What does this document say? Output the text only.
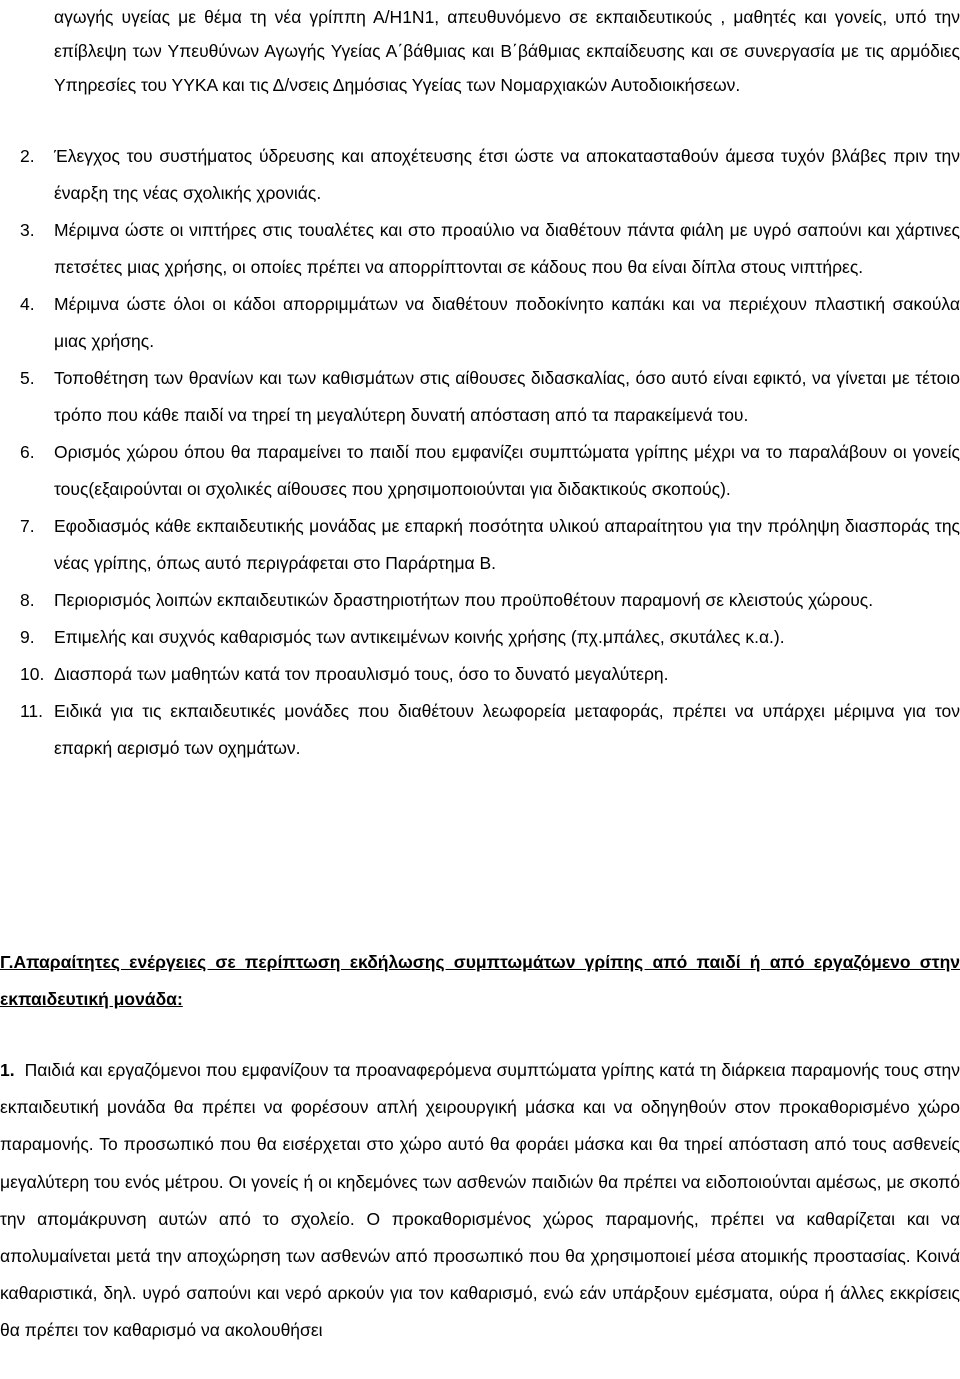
αγωγής υγείας με θέμα τη νέα γρίππη Α/Η1Ν1, απευθυνόμενο σε εκπαιδευτικούς , μαθητές και γονείς, υπό την επίβλεψη των Υπευθύνων Αγωγής Υγείας Α΄βάθμιας και Β΄βάθμιας εκπαίδευσης και σε συνεργασία με τις αρμόδιες Υπηρεσίες του ΥΥΚΑ και τις Δ/νσεις Δημόσιας Υγείας των Νομαρχιακών Αυτοδιοικήσεων.

2. Έλεγχος του συστήματος ύδρευσης και αποχέτευσης έτσι ώστε να αποκατασταθούν άμεσα τυχόν βλάβες πριν την έναρξη της νέας σχολικής χρονιάς.

3. Μέριμνα ώστε οι νιπτήρες στις τουαλέτες και στο προαύλιο να διαθέτουν πάντα φιάλη με υγρό σαπούνι και χάρτινες πετσέτες μιας χρήσης, οι οποίες πρέπει να απορρίπτονται σε κάδους που θα είναι δίπλα στους νιπτήρες.

4. Μέριμνα ώστε όλοι οι κάδοι απορριμμάτων να διαθέτουν ποδοκίνητο καπάκι και να περιέχουν πλαστική σακούλα μιας χρήσης.

5. Τοποθέτηση των θρανίων και των καθισμάτων στις αίθουσες διδασκαλίας, όσο αυτό είναι εφικτό, να γίνεται με τέτοιο τρόπο που κάθε παιδί να τηρεί τη μεγαλύτερη δυνατή απόσταση από τα παρακείμενά του.

6. Ορισμός χώρου όπου θα παραμείνει το παιδί που εμφανίζει συμπτώματα γρίπης μέχρι να το παραλάβουν οι γονείς τους(εξαιρούνται οι σχολικές αίθουσες που χρησιμοποιούνται για διδακτικούς σκοπούς).

7. Εφοδιασμός κάθε εκπαιδευτικής μονάδας με επαρκή ποσότητα υλικού απαραίτητου για την πρόληψη διασποράς της νέας γρίπης, όπως αυτό περιγράφεται στο Παράρτημα Β.

8. Περιορισμός λοιπών εκπαιδευτικών δραστηριοτήτων που προϋποθέτουν παραμονή σε κλειστούς χώρους.

9. Επιμελής και συχνός καθαρισμός των αντικειμένων κοινής χρήσης (πχ.μπάλες, σκυτάλες κ.α.).

10. Διασπορά των μαθητών κατά τον προαυλισμό τους, όσο το δυνατό μεγαλύτερη.

11. Ειδικά για τις εκπαιδευτικές μονάδες που διαθέτουν λεωφορεία μεταφοράς, πρέπει να υπάρχει μέριμνα για τον επαρκή αερισμό των οχημάτων.

Γ.Απαραίτητες ενέργειες σε περίπτωση εκδήλωσης συμπτωμάτων γρίπης από παιδί ή από εργαζόμενο στην εκπαιδευτική μονάδα:

1. Παιδιά και εργαζόμενοι που εμφανίζουν τα προαναφερόμενα συμπτώματα γρίπης κατά τη διάρκεια παραμονής τους στην εκπαιδευτική μονάδα θα πρέπει να φορέσουν απλή χειρουργική μάσκα και να οδηγηθούν στον προκαθορισμένο χώρο παραμονής. Το προσωπικό που θα εισέρχεται στο χώρο αυτό θα φοράει μάσκα και θα τηρεί απόσταση από τους ασθενείς μεγαλύτερη του ενός μέτρου. Οι γονείς ή οι κηδεμόνες των ασθενών παιδιών θα πρέπει να ειδοποιούνται αμέσως, με σκοπό την απομάκρυνση αυτών από το σχολείο. Ο προκαθορισμένος χώρος παραμονής, πρέπει να καθαρίζεται και να απολυμαίνεται μετά την αποχώρηση των ασθενών από προσωπικό που θα χρησιμοποιεί μέσα ατομικής προστασίας. Κοινά καθαριστικά, δηλ. υγρό σαπούνι και νερό αρκούν για τον καθαρισμό, ενώ εάν υπάρξουν εμέσματα, ούρα ή άλλες εκκρίσεις θα πρέπει τον καθαρισμό να ακολουθήσει
